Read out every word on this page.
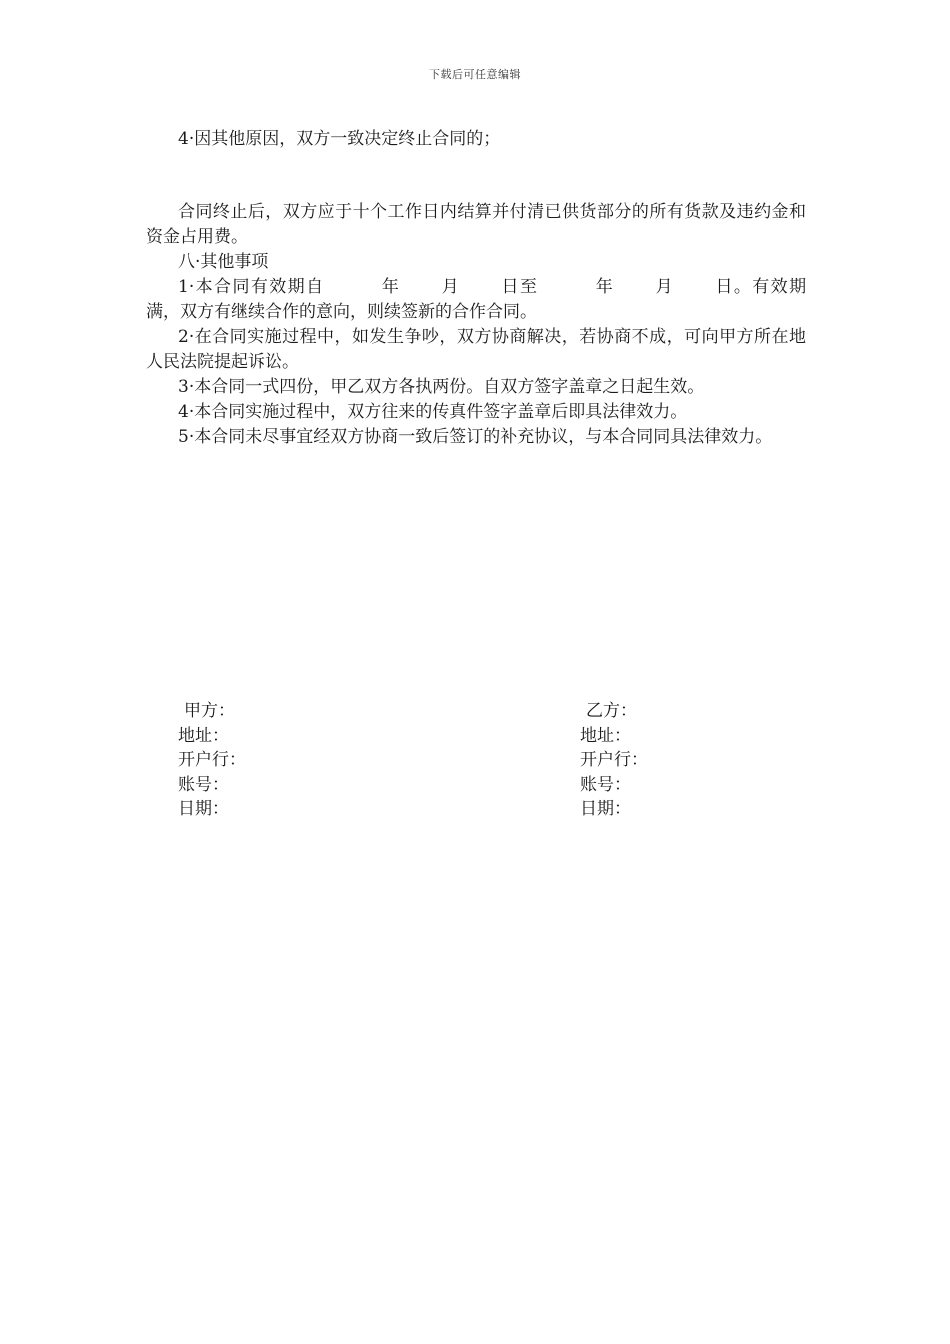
下载后可任意编辑

4·因其他原因，双方一致决定终止合同的；

合同终止后，双方应于十个工作日内结算并付清已供货部分的所有货款及违约金和资金占用费。

八·其他事项

1·本合同有效期自	年 月 日至	年 月 日。有效期满，双方有继续合作的意向，则续签新的合作合同。

2·在合同实施过程中，如发生争吵，双方协商解决，若协商不成，可向甲方所在地人民法院提起诉讼。

3·本合同一式四份，甲乙双方各执两份。自双方签字盖章之日起生效。

4·本合同实施过程中，双方往来的传真件签字盖章后即具法律效力。

5·本合同未尽事宜经双方协商一致后签订的补充协议，与本合同同具法律效力。

甲方：
地址：
开户行：
账号：
日期：
乙方：
地址：
开户行：
账号：
日期：
